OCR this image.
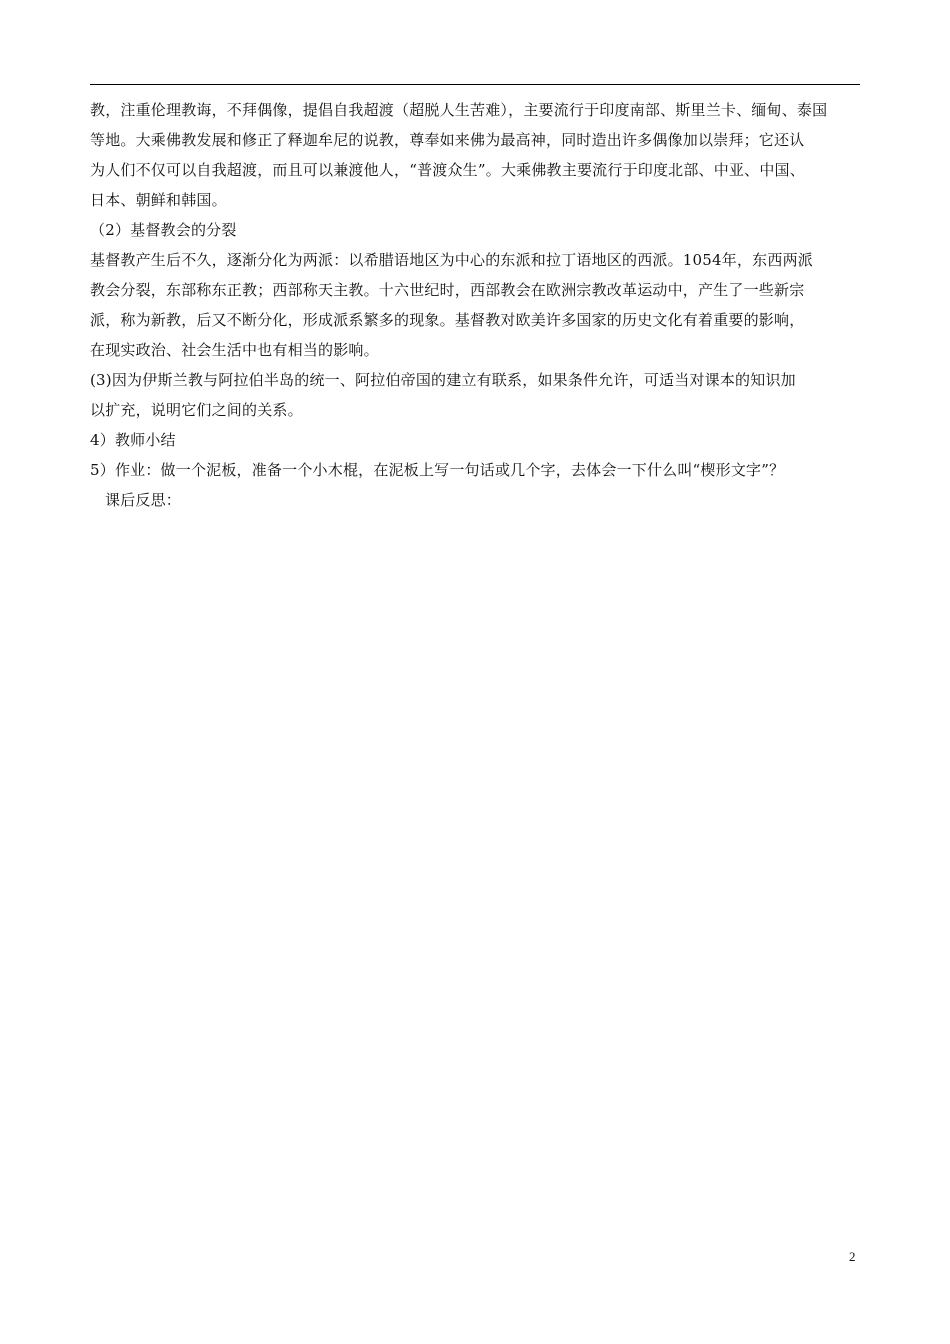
教，注重伦理教诲，不拜偶像，提倡自我超渡（超脱人生苦难），主要流行于印度南部、斯里兰卡、缅甸、泰国

等地。大乘佛教发展和修正了释迦牟尼的说教，尊奉如来佛为最高神，同时造出许多偶像加以崇拜；它还认

为人们不仅可以自我超渡，而且可以兼渡他人，“普渡众生”。大乘佛教主要流行于印度北部、中亚、中国、

日本、朝鲜和韩国。

（2）基督教会的分裂

基督教产生后不久，逐渐分化为两派：以希腊语地区为中心的东派和拉丁语地区的西派。1054年，东西两派

教会分裂，东部称东正教；西部称天主教。十六世纪时，西部教会在欧洲宗教改革运动中，产生了一些新宗

派，称为新教，后又不断分化，形成派系繁多的现象。基督教对欧美许多国家的历史文化有着重要的影响，

在现实政治、社会生活中也有相当的影响。

(3)因为伊斯兰教与阿拉伯半岛的统一、阿拉伯帝国的建立有联系，如果条件允许，可适当对课本的知识加

以扩充，说明它们之间的关系。

4）教师小结

5）作业：做一个泥板，准备一个小木棍，在泥板上写一句话或几个字，去体会一下什么叫“楔形文字”？

课后反思：

2
